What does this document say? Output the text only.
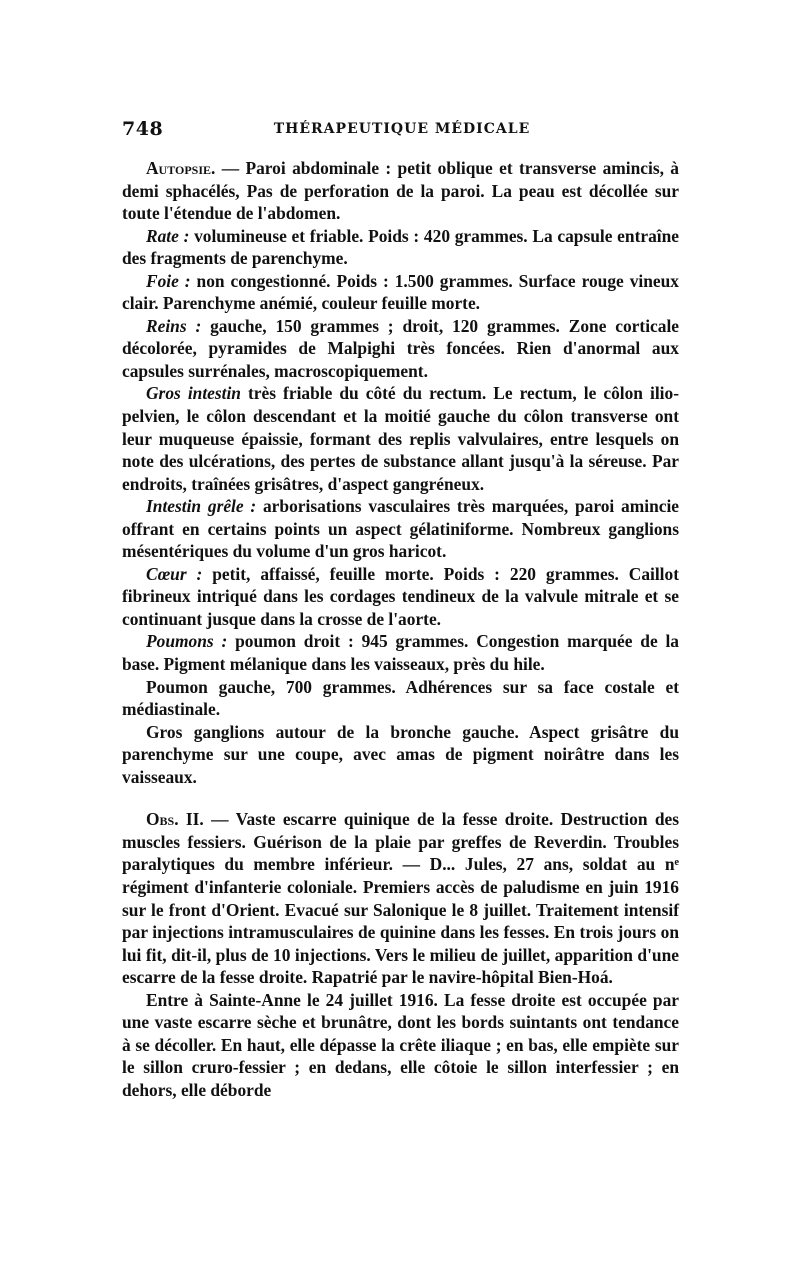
748	THÉRAPEUTIQUE MÉDICALE

Autopsie. — Paroi abdominale : petit oblique et transverse amincis, à demi sphacélés, Pas de perforation de la paroi. La peau est décollée sur toute l'étendue de l'abdomen.

Rate : volumineuse et friable. Poids : 420 grammes. La capsule entraîne des fragments de parenchyme.

Foie : non congestionné. Poids : 1.500 grammes. Surface rouge vineux clair. Parenchyme anémié, couleur feuille morte.

Reins : gauche, 150 grammes ; droit, 120 grammes. Zone corticale décolorée, pyramides de Malpighi très foncées. Rien d'anormal aux capsules surrénales, macroscopiquement.

Gros intestin très friable du côté du rectum. Le rectum, le côlon ilio-pelvien, le côlon descendant et la moitié gauche du côlon transverse ont leur muqueuse épaissie, formant des replis valvulaires, entre lesquels on note des ulcérations, des pertes de substance allant jusqu'à la séreuse. Par endroits, traînées grisâtres, d'aspect gangréneux.

Intestin grêle : arborisations vasculaires très marquées, paroi amincie offrant en certains points un aspect gélatiniforme. Nombreux ganglions mésentériques du volume d'un gros haricot.

Cœur : petit, affaissé, feuille morte. Poids : 220 grammes. Caillot fibrineux intriqué dans les cordages tendineux de la valvule mitrale et se continuant jusque dans la crosse de l'aorte.

Poumons : poumon droit : 945 grammes. Congestion marquée de la base. Pigment mélanique dans les vaisseaux, près du hile.

Poumon gauche, 700 grammes. Adhérences sur sa face costale et médiastinale.

Gros ganglions autour de la bronche gauche. Aspect grisâtre du parenchyme sur une coupe, avec amas de pigment noirâtre dans les vaisseaux.

Obs. II. — Vaste escarre quinique de la fesse droite. Destruction des muscles fessiers. Guérison de la plaie par greffes de Reverdin. Troubles paralytiques du membre inférieur. — D... Jules, 27 ans, soldat au nᵉ régiment d'infanterie coloniale. Premiers accès de paludisme en juin 1916 sur le front d'Orient. Evacué sur Salonique le 8 juillet. Traitement intensif par injections intramusculaires de quinine dans les fesses. En trois jours on lui fit, dit-il, plus de 10 injections. Vers le milieu de juillet, apparition d'une escarre de la fesse droite. Rapatrié par le navire-hôpital Bien-Hoá.

Entre à Sainte-Anne le 24 juillet 1916. La fesse droite est occupée par une vaste escarre sèche et brunâtre, dont les bords suintants ont tendance à se décoller. En haut, elle dépasse la crête iliaque ; en bas, elle empiète sur le sillon cruro-fessier ; en dedans, elle côtoie le sillon interfessier ; en dehors, elle déborde
